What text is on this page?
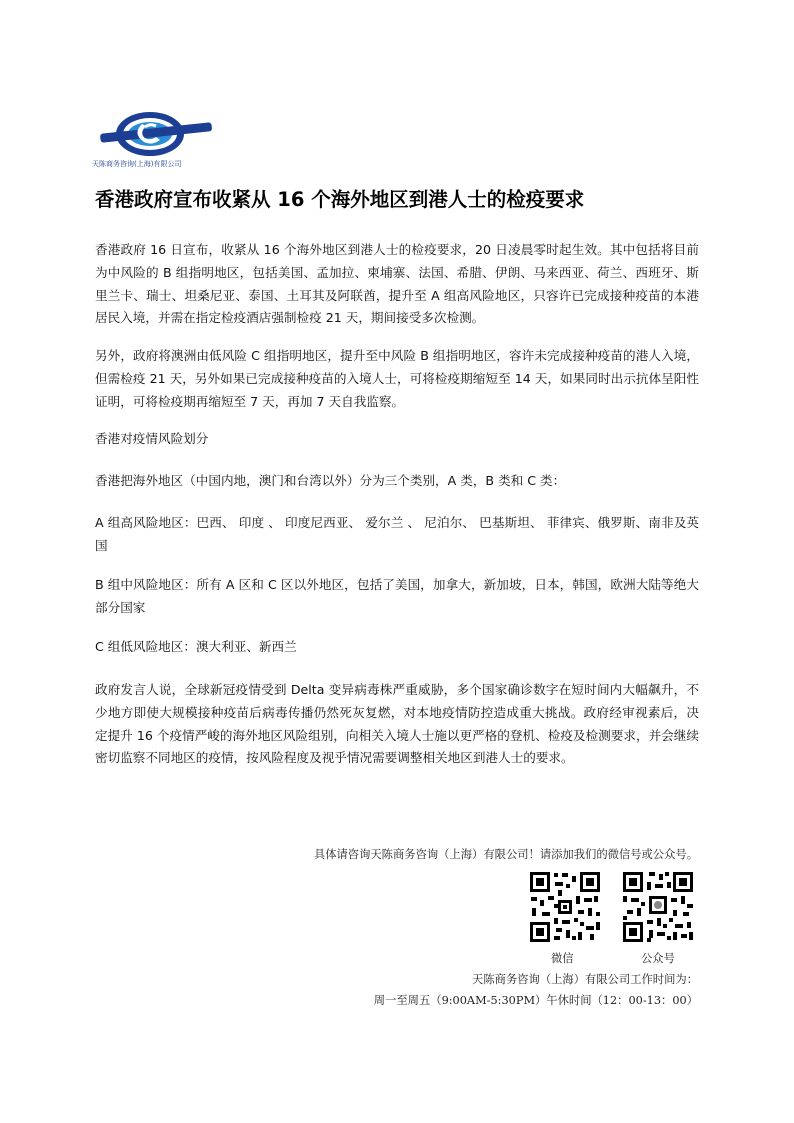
天陈商务咨询(上海)有限公司
香港政府宣布收紧从 16 个海外地区到港人士的检疫要求

香港政府 16 日宣布，收紧从 16 个海外地区到港人士的检疫要求，20 日凌晨零时起生效。其中包括将目前为中风险的 B 组指明地区，包括美国、孟加拉、柬埔寨、法国、希腊、伊朗、马来西亚、荷兰、西班牙、斯里兰卡、瑞士、坦桑尼亚、泰国、土耳其及阿联酋，提升至 A 组高风险地区，只容许已完成接种疫苗的本港居民入境，并需在指定检疫酒店强制检疫 21 天，期间接受多次检测。

另外，政府将澳洲由低风险 C 组指明地区，提升至中风险 B 组指明地区，容许未完成接种疫苗的港人入境，但需检疫 21 天，另外如果已完成接种疫苗的入境人士，可将检疫期缩短至 14 天，如果同时出示抗体呈阳性证明，可将检疫期再缩短至 7 天，再加 7 天自我监察。

香港对疫情风险划分

香港把海外地区（中国内地，澳门和台湾以外）分为三个类别，A 类，B 类和 C 类：

A 组高风险地区：巴西、 印度 、 印度尼西亚、 爱尔兰 、 尼泊尔、 巴基斯坦、 菲律宾、俄罗斯、南非及英国

B 组中风险地区：所有 A 区和 C 区以外地区，包括了美国，加拿大，新加坡，日本，韩国，欧洲大陆等绝大部分国家

C 组低风险地区：澳大利亚、新西兰

政府发言人说，全球新冠疫情受到 Delta 变异病毒株严重威胁，多个国家确诊数字在短时间内大幅飙升，不少地方即使大规模接种疫苗后病毒传播仍然死灰复燃，对本地疫情防控造成重大挑战。政府经审视素后，决定提升 16 个疫情严峻的海外地区风险组别，向相关入境人士施以更严格的登机、检疫及检测要求，并会继续密切监察不同地区的疫情，按风险程度及视乎情况需要调整相关地区到港人士的要求。

具体请咨询天陈商务咨询（上海）有限公司！请添加我们的微信号或公众号。
微信	公众号
天陈商务咨询（上海）有限公司工作时间为：
周一至周五（9:00AM-5:30PM）午休时间（12：00-13：00）
